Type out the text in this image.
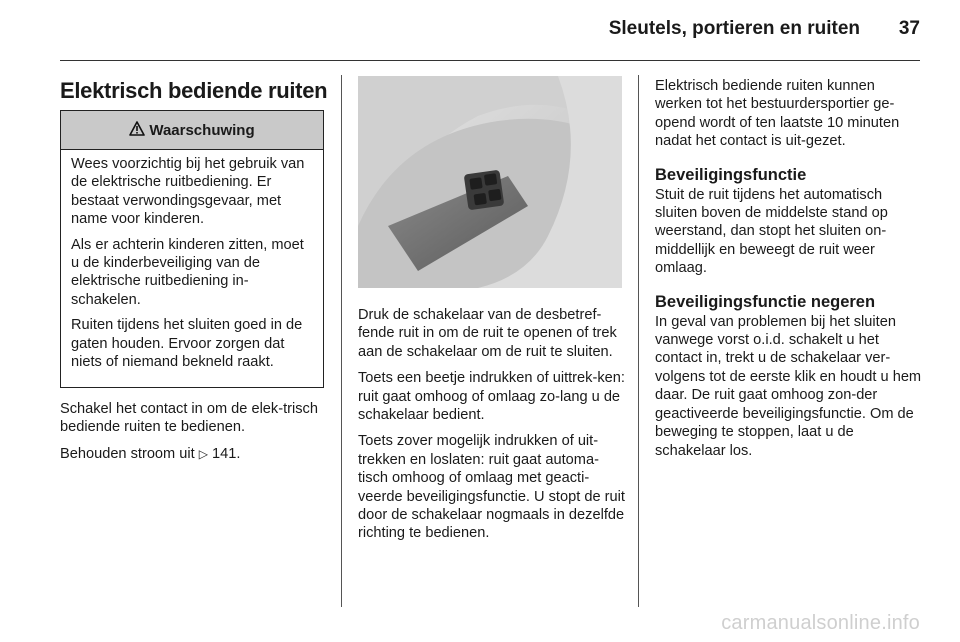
Sleutels, portieren en ruiten	37
Elektrisch bediende ruiten
Waarschuwing

Wees voorzichtig bij het gebruik van de elektrische ruitbediening. Er bestaat verwondingsgevaar, met name voor kinderen.

Als er achterin kinderen zitten, moet u de kinderbeveiliging van de elektrische ruitbediening in-schakelen.

Ruiten tijdens het sluiten goed in de gaten houden. Ervoor zorgen dat niets of niemand bekneld raakt.

Schakel het contact in om de elek-trisch bediende ruiten te bedienen.

Behouden stroom uit ▷ 141.

Druk de schakelaar van de desbetref-fende ruit in om de ruit te openen of trek aan de schakelaar om de ruit te sluiten.

Toets een beetje indrukken of uittrek-ken: ruit gaat omhoog of omlaag zo-lang u de schakelaar bedient.

Toets zover mogelijk indrukken of uit-trekken en loslaten: ruit gaat automa-tisch omhoog of omlaag met geacti-veerde beveiligingsfunctie. U stopt de ruit door de schakelaar nogmaals in dezelfde richting te bedienen.

Elektrisch bediende ruiten kunnen werken tot het bestuurdersportier ge-opend wordt of ten laatste 10 minuten nadat het contact is uit-gezet.

Beveiligingsfunctie

Stuit de ruit tijdens het automatisch sluiten boven de middelste stand op weerstand, dan stopt het sluiten on-middellijk en beweegt de ruit weer omlaag.

Beveiligingsfunctie negeren

In geval van problemen bij het sluiten vanwege vorst o.i.d. schakelt u het contact in, trekt u de schakelaar ver-volgens tot de eerste klik en houdt u hem daar. De ruit gaat omhoog zon-der geactiveerde beveiligingsfunctie. Om de beweging te stoppen, laat u de schakelaar los.

carmanualsonline.info
